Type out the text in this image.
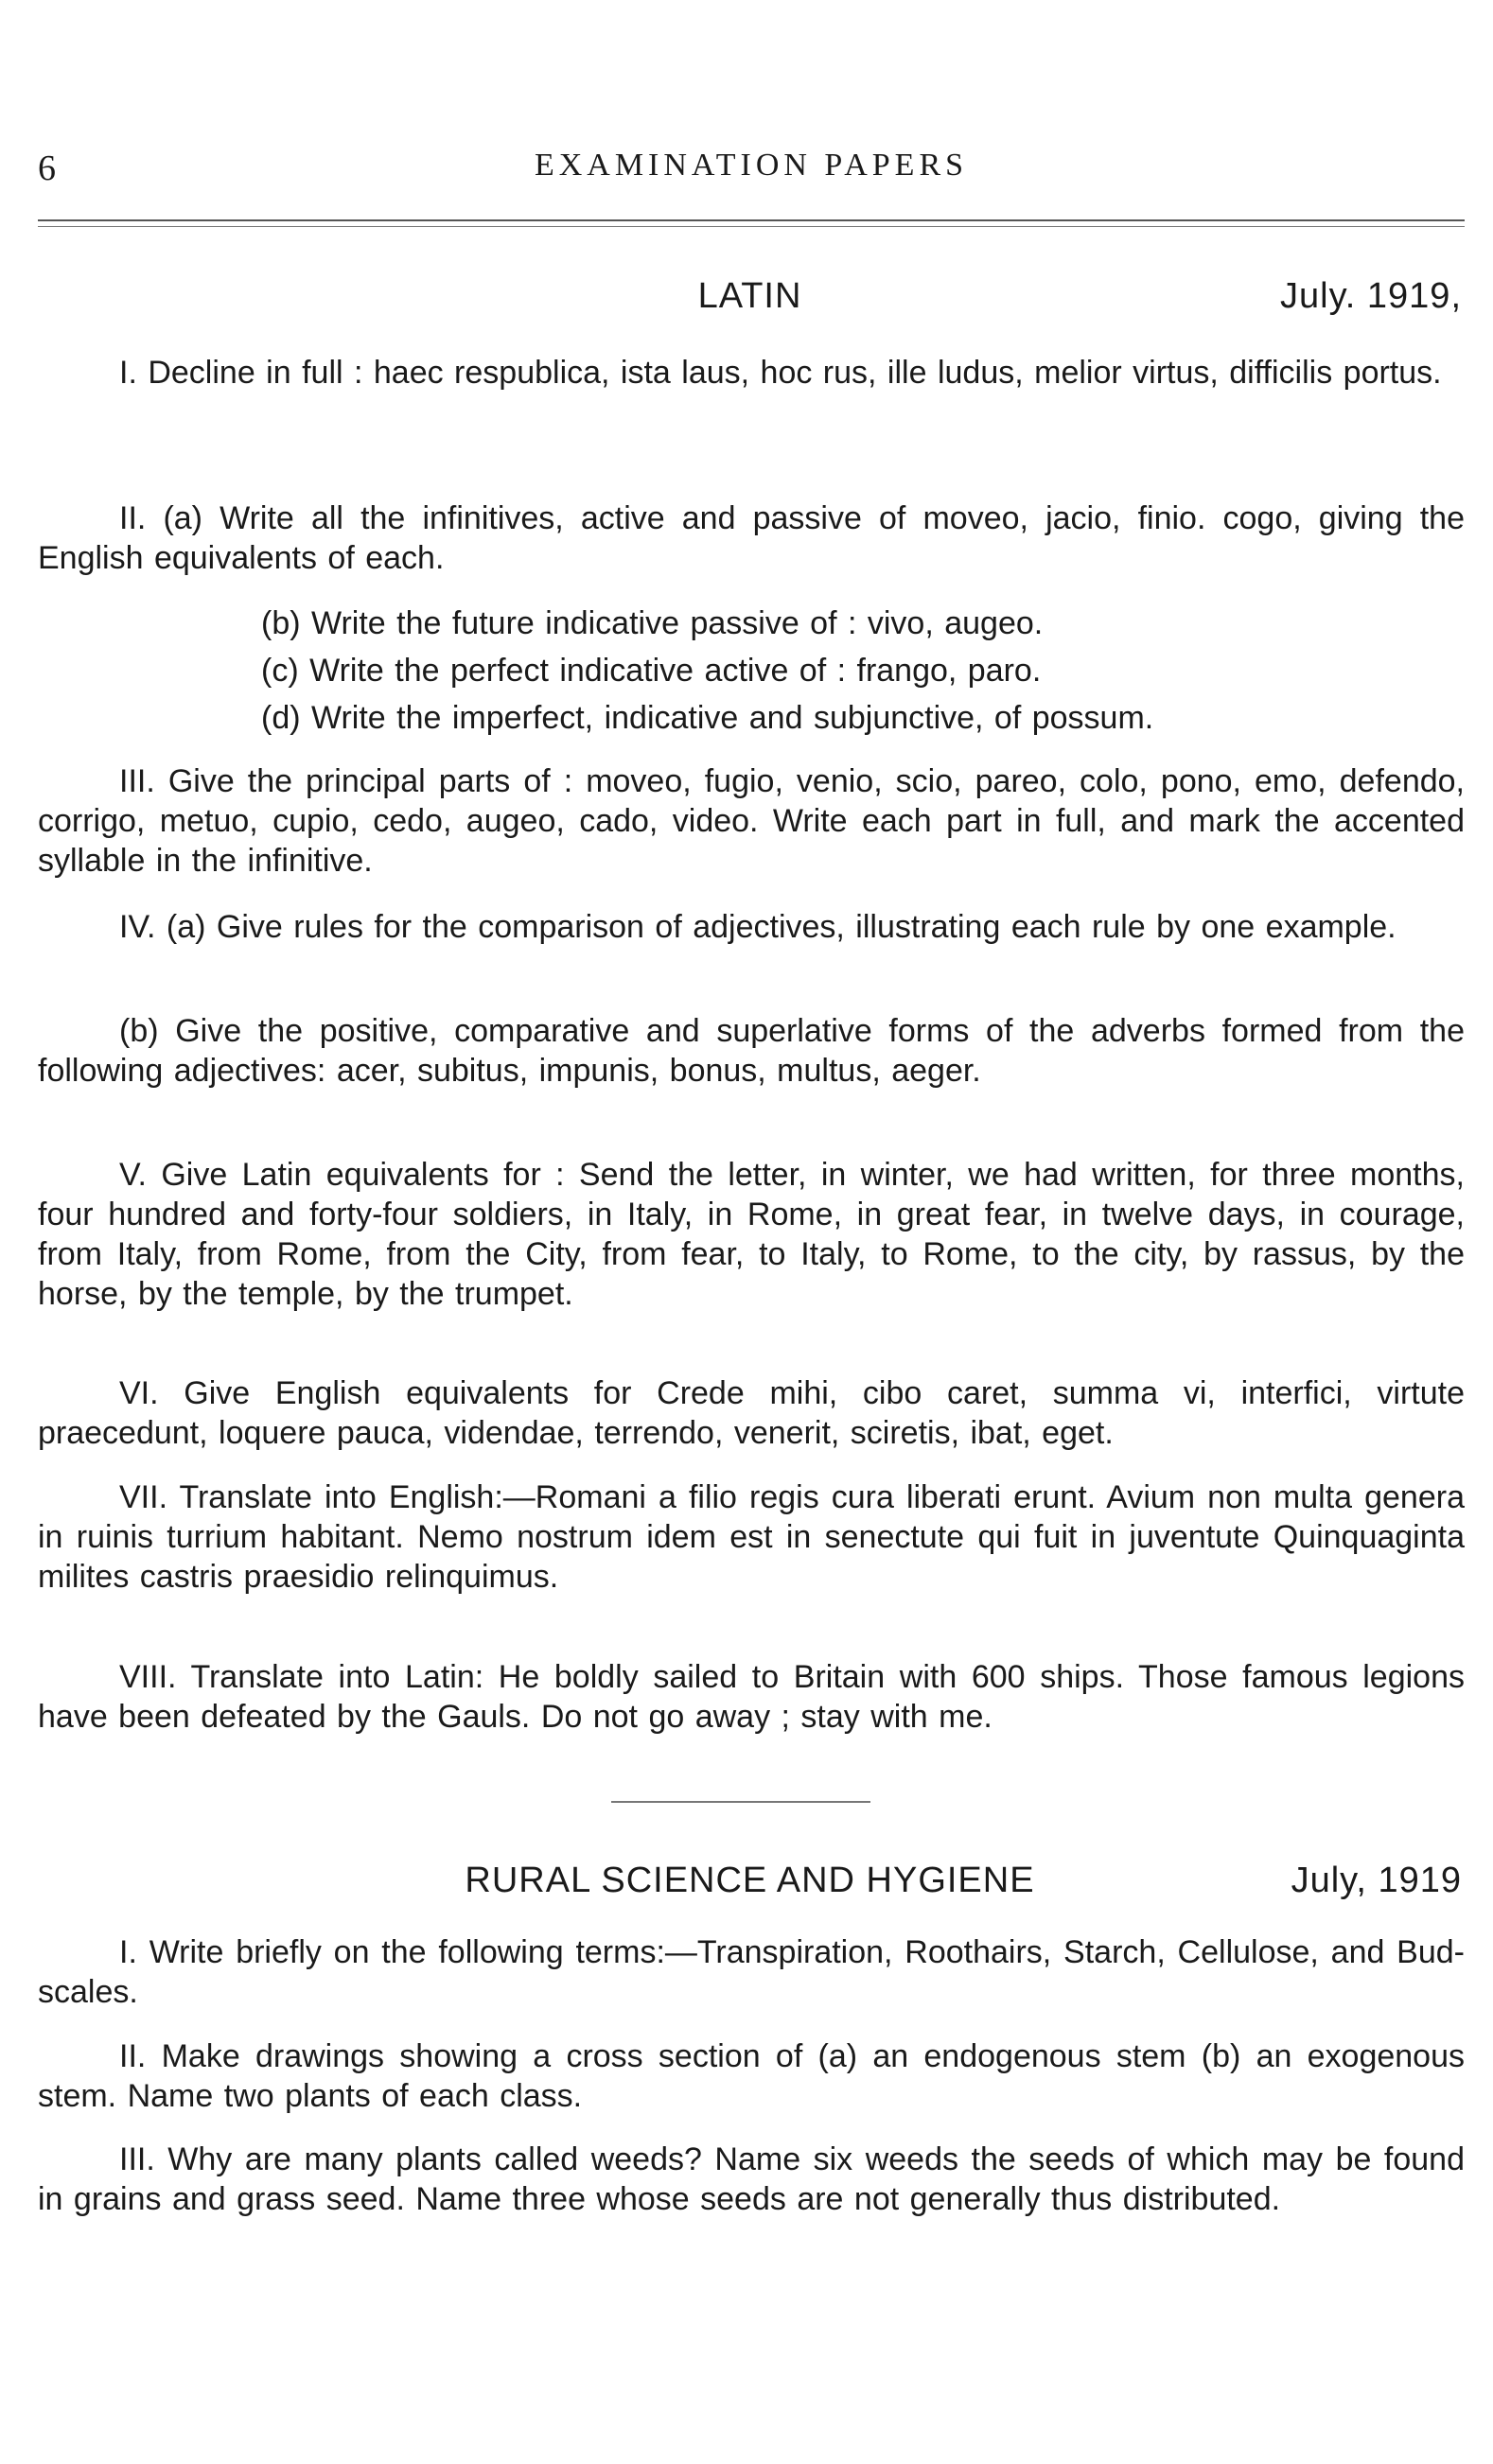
6	EXAMINATION PAPERS
LATIN	July. 1919,

I. Decline in full : haec respublica, ista laus, hoc rus, ille ludus, melior virtus, difficilis portus.

II. (a) Write all the infinitives, active and passive of moveo, jacio, finio. cogo, giving the English equivalents of each.

(b) Write the future indicative passive of : vivo, augeo.

(c) Write the perfect indicative active of : frango, paro.

(d) Write the imperfect, indicative and subjunctive, of possum.

III. Give the principal parts of : moveo, fugio, venio, scio, pareo, colo, pono, emo, defendo, corrigo, metuo, cupio, cedo, augeo, cado, video. Write each part in full, and mark the accented syllable in the infinitive.

IV. (a) Give rules for the comparison of adjectives, illustrating each rule by one example.

(b) Give the positive, comparative and superlative forms of the adverbs formed from the following adjectives: acer, subitus, impunis, bonus, multus, aeger.

V. Give Latin equivalents for : Send the letter, in winter, we had written, for three months, four hundred and forty-four soldiers, in Italy, in Rome, in great fear, in twelve days, in courage, from Italy, from Rome, from the City, from fear, to Italy, to Rome, to the city, by rassus, by the horse, by the temple, by the trumpet.

VI. Give English equivalents for Crede mihi, cibo caret, summa vi, interfici, virtute praecedunt, loquere pauca, videndae, terrendo, venerit, sciretis, ibat, eget.

VII. Translate into English:—Romani a filio regis cura liberati erunt. Avium non multa genera in ruinis turrium habitant. Nemo nostrum idem est in senectute qui fuit in juventute Quinquaginta milites castris praesidio relinquimus.

VIII. Translate into Latin: He boldly sailed to Britain with 600 ships. Those famous legions have been defeated by the Gauls. Do not go away ; stay with me.

RURAL SCIENCE AND HYGIENE	July, 1919

I. Write briefly on the following terms:—Transpiration, Roothairs, Starch, Cellulose, and Bud-scales.

II. Make drawings showing a cross section of (a) an endogenous stem (b) an exogenous stem. Name two plants of each class.

III. Why are many plants called weeds? Name six weeds the seeds of which may be found in grains and grass seed. Name three whose seeds are not generally thus distributed.
